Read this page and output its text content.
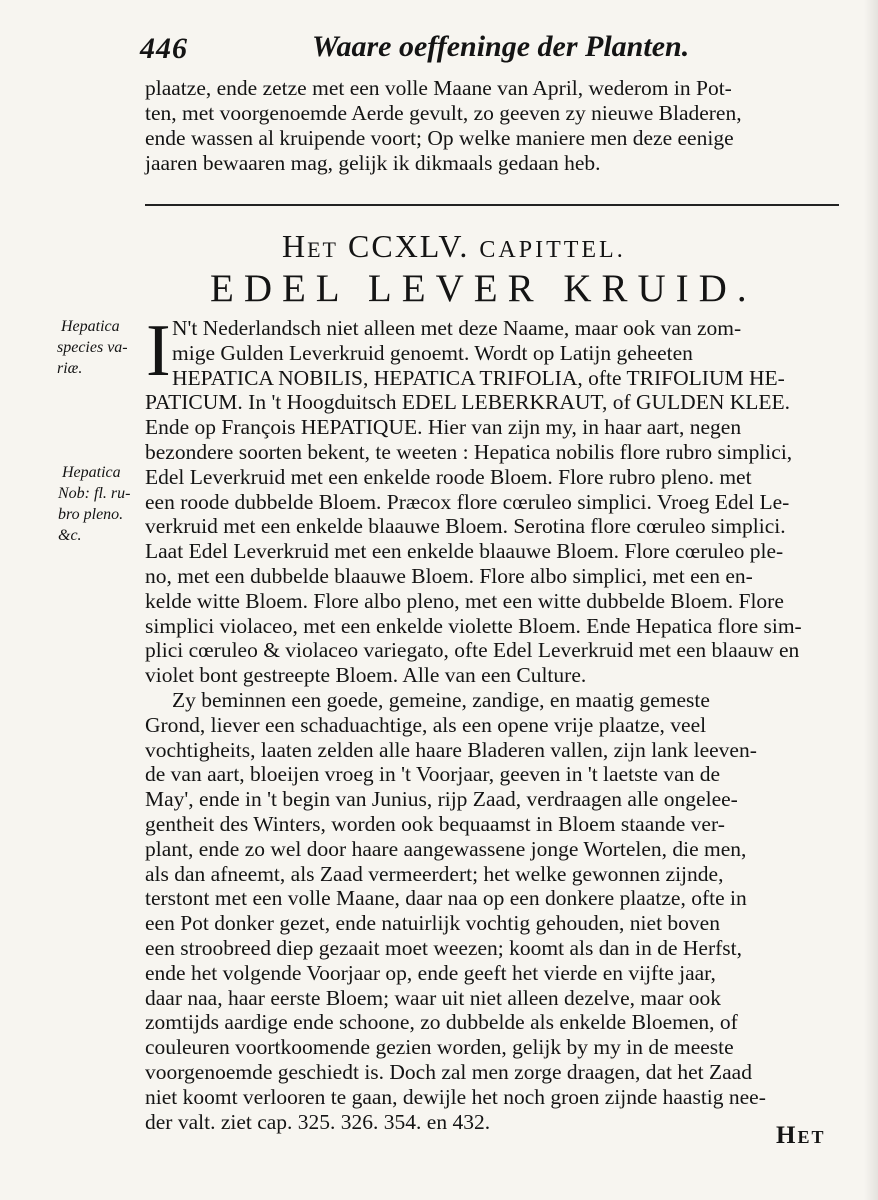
446	Waare oeffeninge der Planten.
plaatze, ende zetze met een volle Maane van April, wederom in Pot-
ten, met voorgenoemde Aerde gevult, zo geeven zy nieuwe Bladeren,
ende wassen al kruipende voort; Op welke maniere men deze eenige
jaaren bewaaren mag, gelijk ik dikmaals gedaan heb.
Het CCXLV. CAPITTEL.
EDEL LEVER KRUID.
Hepatica
species va-
riæ.
Hepatica
Nob: fl. ru-
bro pleno.
&c.
I N't Nederlandsch niet alleen met deze Naame, maar ook van zom-
mige Gulden Leverkruid genoemt. Wordt op Latijn geheeten
HEPATICA NOBILIS, HEPATICA TRIFOLIA, ofte TRIFOLIUM HE-
PATICUM. In 't Hoogduitsch EDEL LEBERKRAUT, of GULDEN KLEE.
Ende op François HEPATIQUE. Hier van zijn my, in haar aart, negen
bezondere soorten bekent, te weeten : Hepatica nobilis flore rubro simplici,
Edel Leverkruid met een enkelde roode Bloem. Flore rubro pleno. met
een roode dubbelde Bloem. Præcox flore cœruleo simplici. Vroeg Edel Le-
verkruid met een enkelde blaauwe Bloem. Serotina flore cœruleo simplici.
Laat Edel Leverkruid met een enkelde blaauwe Bloem. Flore cœruleo ple-
no, met een dubbelde blaauwe Bloem. Flore albo simplici, met een en-
kelde witte Bloem. Flore albo pleno, met een witte dubbelde Bloem. Flore
simplici violaceo, met een enkelde violette Bloem. Ende Hepatica flore sim-
plici cœruleo & violaceo variegato, ofte Edel Leverkruid met een blaauw en
violet bont gestreepte Bloem. Alle van een Culture.
Zy beminnen een goede, gemeine, zandige, en maatig gemeste
Grond, liever een schaduachtige, als een opene vrije plaatze, veel
vochtigheits, laaten zelden alle haare Bladeren vallen, zijn lank leeven-
de van aart, bloeijen vroeg in 't Voorjaar, geeven in 't laetste van de
May', ende in 't begin van Junius, rijp Zaad, verdraagen alle ongelee-
gentheit des Winters, worden ook bequaamst in Bloem staande ver-
plant, ende zo wel door haare aangewassene jonge Wortelen, die men,
als dan afneemt, als Zaad vermeerdert; het welke gewonnen zijnde,
terstont met een volle Maane, daar naa op een donkere plaatze, ofte in
een Pot donker gezet, ende natuirlijk vochtig gehouden, niet boven
een stroobreed diep gezaait moet weezen; koomt als dan in de Herfst,
ende het volgende Voorjaar op, ende geeft het vierde en vijfte jaar,
daar naa, haar eerste Bloem; waar uit niet alleen dezelve, maar ook
zomtijds aardige ende schoone, zo dubbelde als enkelde Bloemen, of
couleuren voortkoomende gezien worden, gelijk by my in de meeste
voorgenoemde geschiedt is. Doch zal men zorge draagen, dat het Zaad
niet koomt verlooren te gaan, dewijle het noch groen zijnde haastig nee-
der valt. ziet cap. 325. 326. 354. en 432.
Het
